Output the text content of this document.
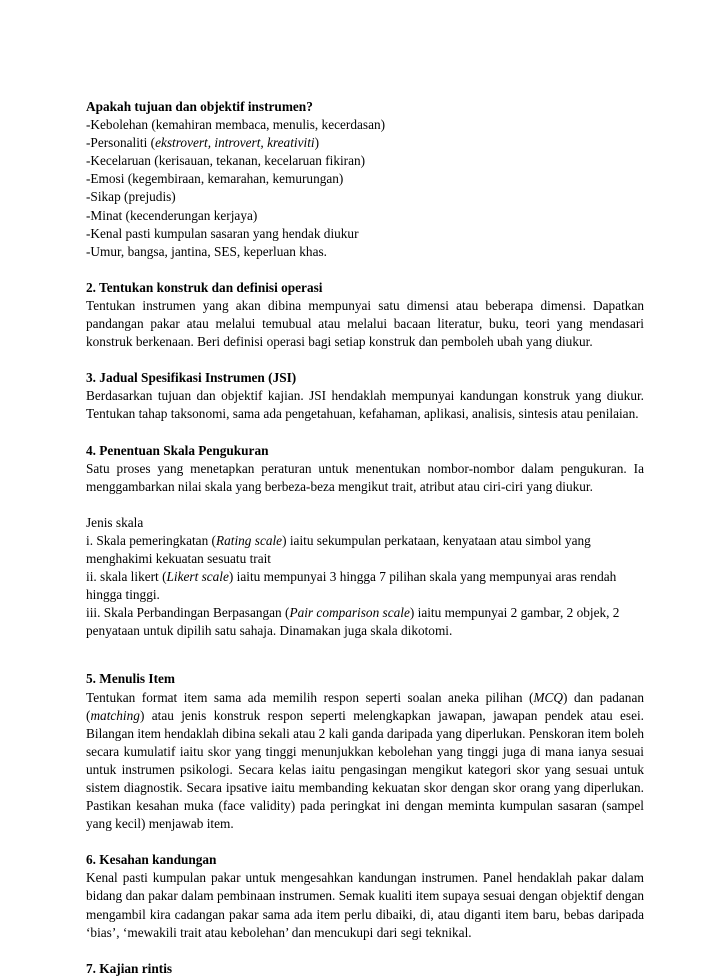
Apakah tujuan dan objektif instrumen?
-Kebolehan (kemahiran membaca, menulis, kecerdasan)
-Personaliti (ekstrovert, introvert, kreativiti)
-Kecelaruan (kerisauan, tekanan, kecelaruan fikiran)
-Emosi (kegembiraan, kemarahan, kemurungan)
-Sikap (prejudis)
-Minat (kecenderungan kerjaya)
-Kenal pasti kumpulan sasaran yang hendak diukur
-Umur, bangsa, jantina, SES, keperluan khas.
2. Tentukan konstruk dan definisi operasi

Tentukan instrumen yang akan dibina mempunyai satu dimensi atau beberapa dimensi. Dapatkan pandangan pakar atau melalui temubual atau melalui bacaan literatur, buku, teori yang mendasari konstruk berkenaan. Beri definisi operasi bagi setiap konstruk dan pemboleh ubah yang diukur.

3. Jadual Spesifikasi Instrumen (JSI)

Berdasarkan tujuan dan objektif kajian. JSI hendaklah mempunyai kandungan konstruk yang diukur. Tentukan tahap taksonomi, sama ada pengetahuan, kefahaman, aplikasi, analisis, sintesis atau penilaian.

4. Penentuan Skala Pengukuran

Satu proses yang menetapkan peraturan untuk menentukan nombor-nombor dalam pengukuran. Ia menggambarkan nilai skala yang berbeza-beza mengikut trait, atribut atau ciri-ciri yang diukur.

Jenis skala
i. Skala pemeringkatan (Rating scale) iaitu sekumpulan perkataan, kenyataan atau simbol yang
menghakimi kekuatan sesuatu trait
ii. skala likert (Likert scale) iaitu mempunyai 3 hingga 7 pilihan skala yang mempunyai aras rendah
hingga tinggi.
iii. Skala Perbandingan Berpasangan (Pair comparison scale) iaitu mempunyai 2 gambar, 2 objek, 2
penyataan untuk dipilih satu sahaja. Dinamakan juga skala dikotomi.
5. Menulis Item

Tentukan format item sama ada memilih respon seperti soalan aneka pilihan (MCQ) dan padanan (matching) atau jenis konstruk respon seperti melengkapkan jawapan, jawapan pendek atau esei. Bilangan item hendaklah dibina sekali atau 2 kali ganda daripada yang diperlukan. Penskoran item boleh secara kumulatif iaitu skor yang tinggi menunjukkan kebolehan yang tinggi juga di mana ianya sesuai untuk instrumen psikologi. Secara kelas iaitu pengasingan mengikut kategori skor yang sesuai untuk sistem diagnostik. Secara ipsative iaitu membanding kekuatan skor dengan skor orang yang diperlukan. Pastikan kesahan muka (face validity) pada peringkat ini dengan meminta kumpulan sasaran (sampel yang kecil) menjawab item.

6. Kesahan kandungan

Kenal pasti kumpulan pakar untuk mengesahkan kandungan instrumen. Panel hendaklah pakar dalam bidang dan pakar dalam pembinaan instrumen. Semak kualiti item supaya sesuai dengan objektif dengan mengambil kira cadangan pakar sama ada item perlu dibaiki, di, atau diganti item baru, bebas daripada ‘bias’, ‘mewakili trait atau kebolehan’ dan mencukupi dari segi teknikal.

7. Kajian rintis
